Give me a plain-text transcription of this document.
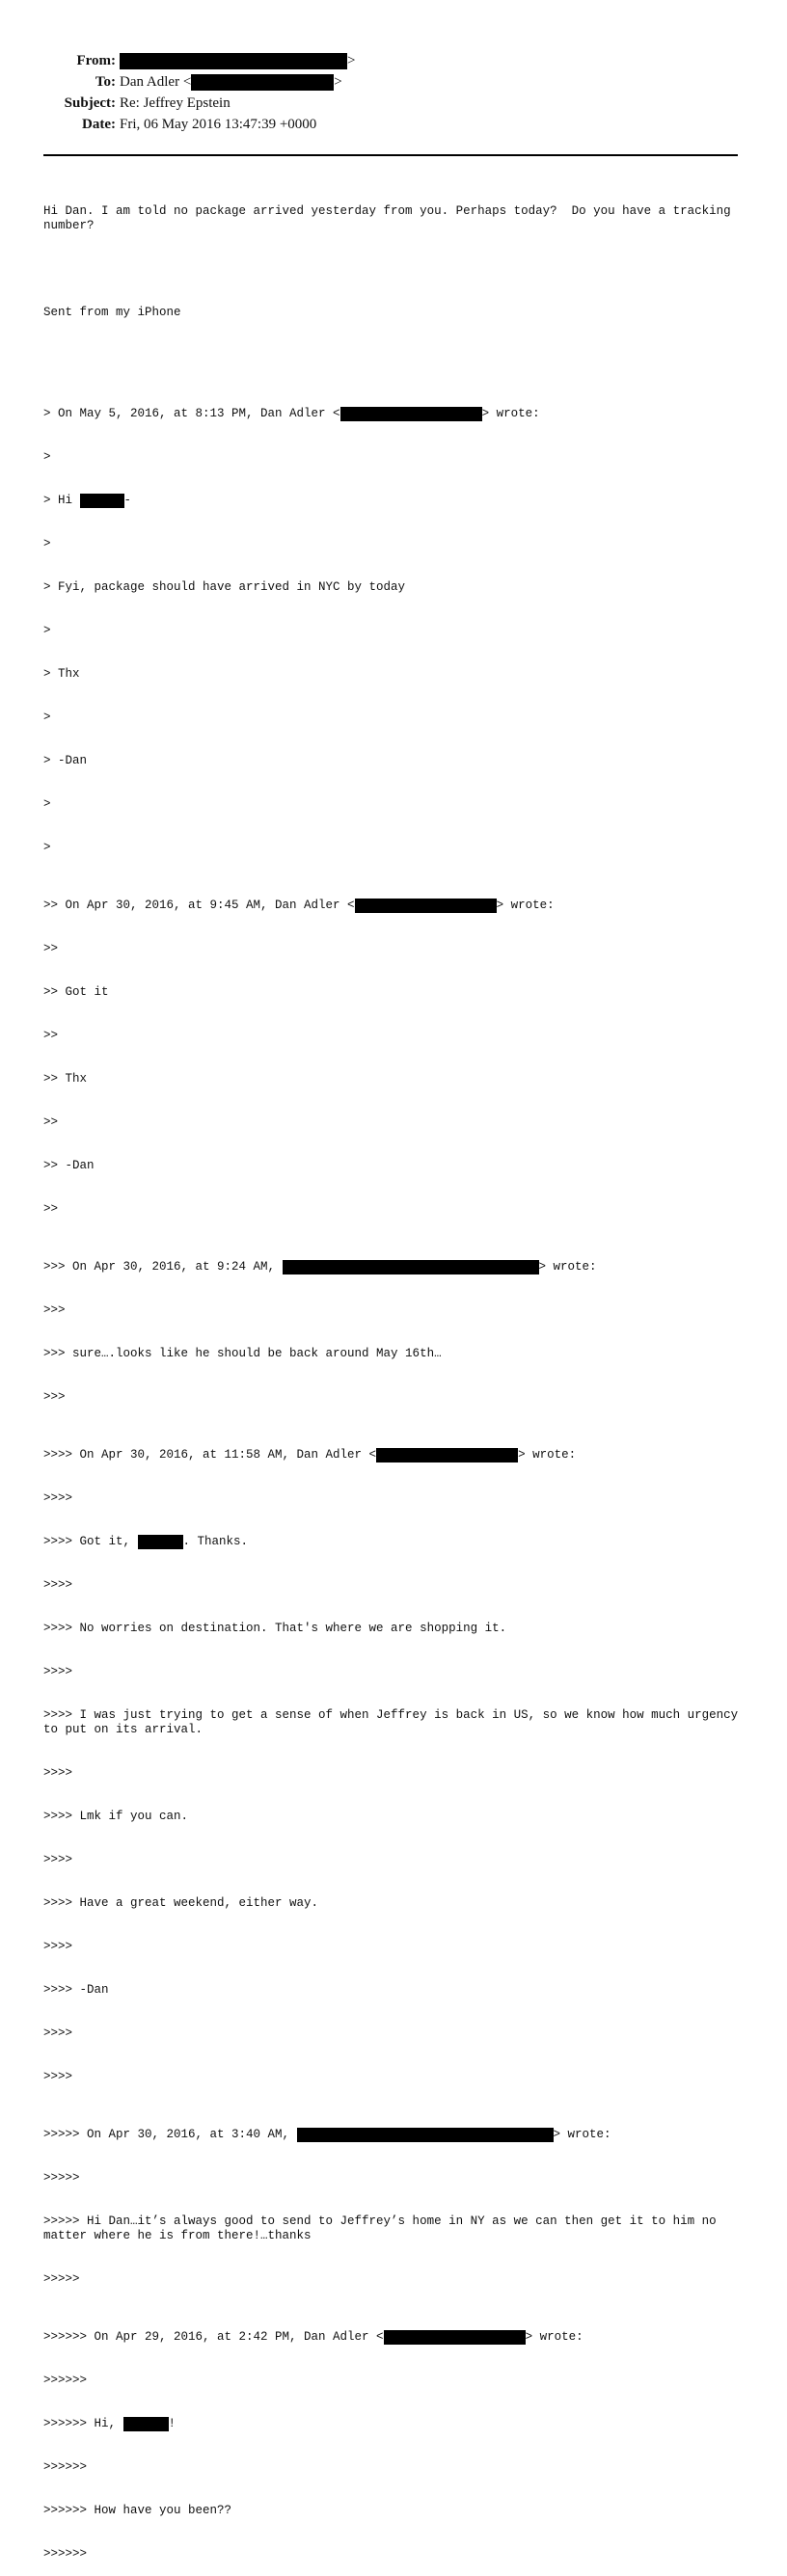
From:	>
To: Dan Adler <	>
Subject: Re: Jeffrey Epstein
Date: Fri, 06 May 2016 13:47:39 +0000

Hi Dan. I am told no package arrived yesterday from you. Perhaps today?  Do you have a tracking number?

Sent from my iPhone

> On May 5, 2016, at 8:13 PM, Dan Adler <	> wrote:

>

> Hi	-

>

> Fyi, package should have arrived in NYC by today

>

> Thx

>

> -Dan

>

>

>> On Apr 30, 2016, at 9:45 AM, Dan Adler <	> wrote:

>>

>> Got it

>>

>> Thx

>>

>> -Dan

>>

>>> On Apr 30, 2016, at 9:24 AM,	> wrote:

>>>

>>> sure….looks like he should be back around May 16th…

>>>

>>>> On Apr 30, 2016, at 11:58 AM, Dan Adler <	> wrote:

>>>>

>>>> Got it,	. Thanks.

>>>>

>>>> No worries on destination. That's where we are shopping it.

>>>>

>>>> I was just trying to get a sense of when Jeffrey is back in US, so we know how much urgency to put on its arrival.

>>>>

>>>> Lmk if you can.

>>>>

>>>> Have a great weekend, either way.

>>>>

>>>> -Dan

>>>>

>>>>

>>>>> On Apr 30, 2016, at 3:40 AM,	> wrote:

>>>>>

>>>>> Hi Dan…it’s always good to send to Jeffrey’s home in NY as we can then get it to him no matter where he is from there!…thanks

>>>>>

>>>>>> On Apr 29, 2016, at 2:42 PM, Dan Adler <	> wrote:

>>>>>>

>>>>>> Hi,	!

>>>>>>

>>>>>> How have you been??

>>>>>>
